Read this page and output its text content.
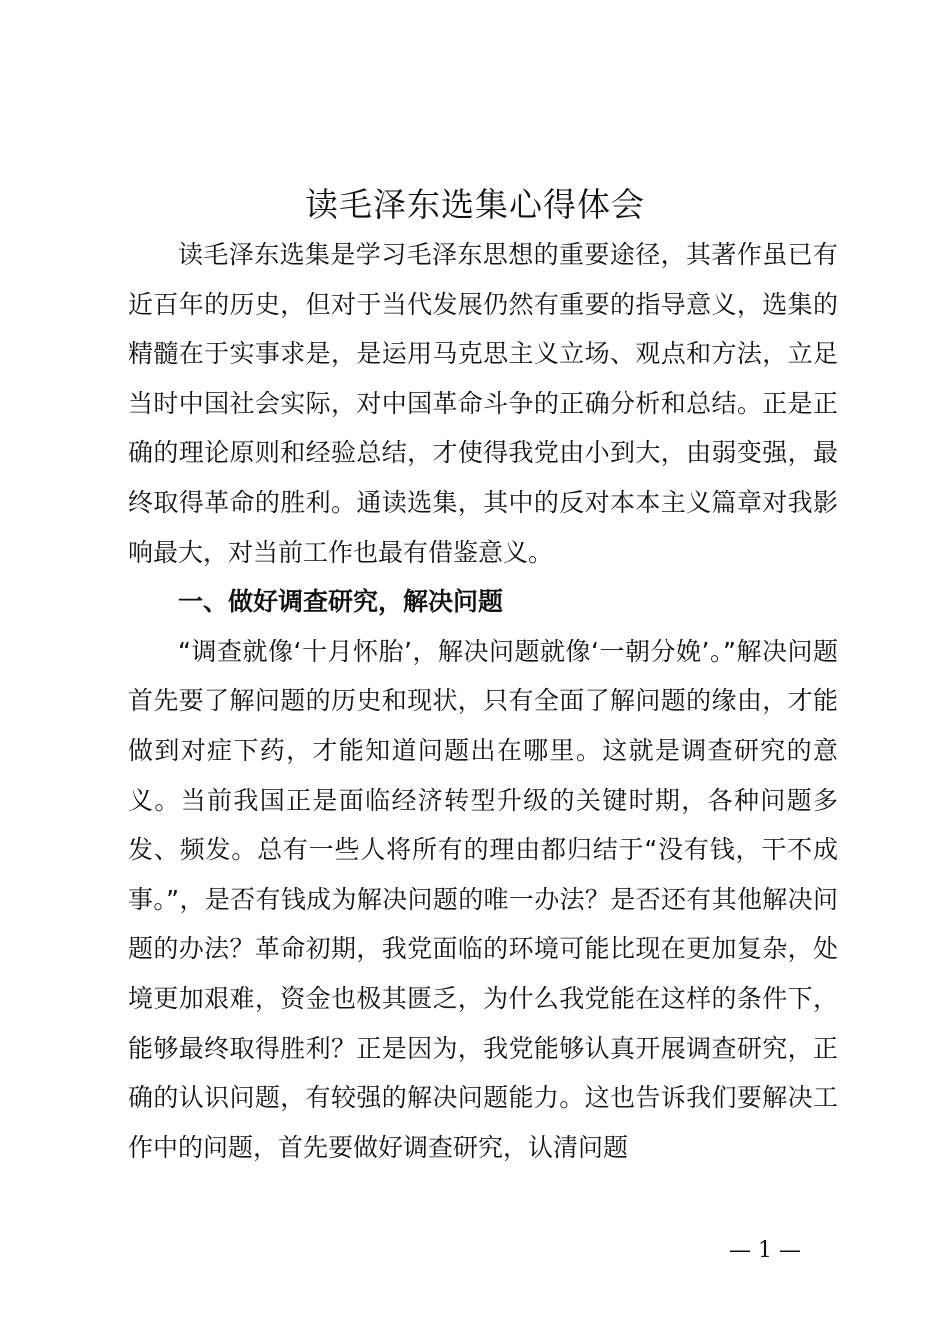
读毛泽东选集心得体会

读毛泽东选集是学习毛泽东思想的重要途径，其著作虽已有近百年的历史，但对于当代发展仍然有重要的指导意义，选集的精髓在于实事求是，是运用马克思主义立场、观点和方法，立足当时中国社会实际，对中国革命斗争的正确分析和总结。正是正确的理论原则和经验总结，才使得我党由小到大，由弱变强，最终取得革命的胜利。通读选集，其中的反对本本主义篇章对我影响最大，对当前工作也最有借鉴意义。

一、做好调查研究，解决问题

“调查就像‘十月怀胎’，解决问题就像‘一朝分娩’。”解决问题首先要了解问题的历史和现状，只有全面了解问题的缘由，才能做到对症下药，才能知道问题出在哪里。这就是调查研究的意义。当前我国正是面临经济转型升级的关键时期，各种问题多发、频发。总有一些人将所有的理由都归结于“没有钱，干不成事。”，是否有钱成为解决问题的唯一办法？是否还有其他解决问题的办法？革命初期，我党面临的环境可能比现在更加复杂，处境更加艰难，资金也极其匮乏，为什么我党能在这样的条件下，能够最终取得胜利？正是因为，我党能够认真开展调查研究，正确的认识问题，有较强的解决问题能力。这也告诉我们要解决工作中的问题，首先要做好调查研究，认清问题

— 1 —
